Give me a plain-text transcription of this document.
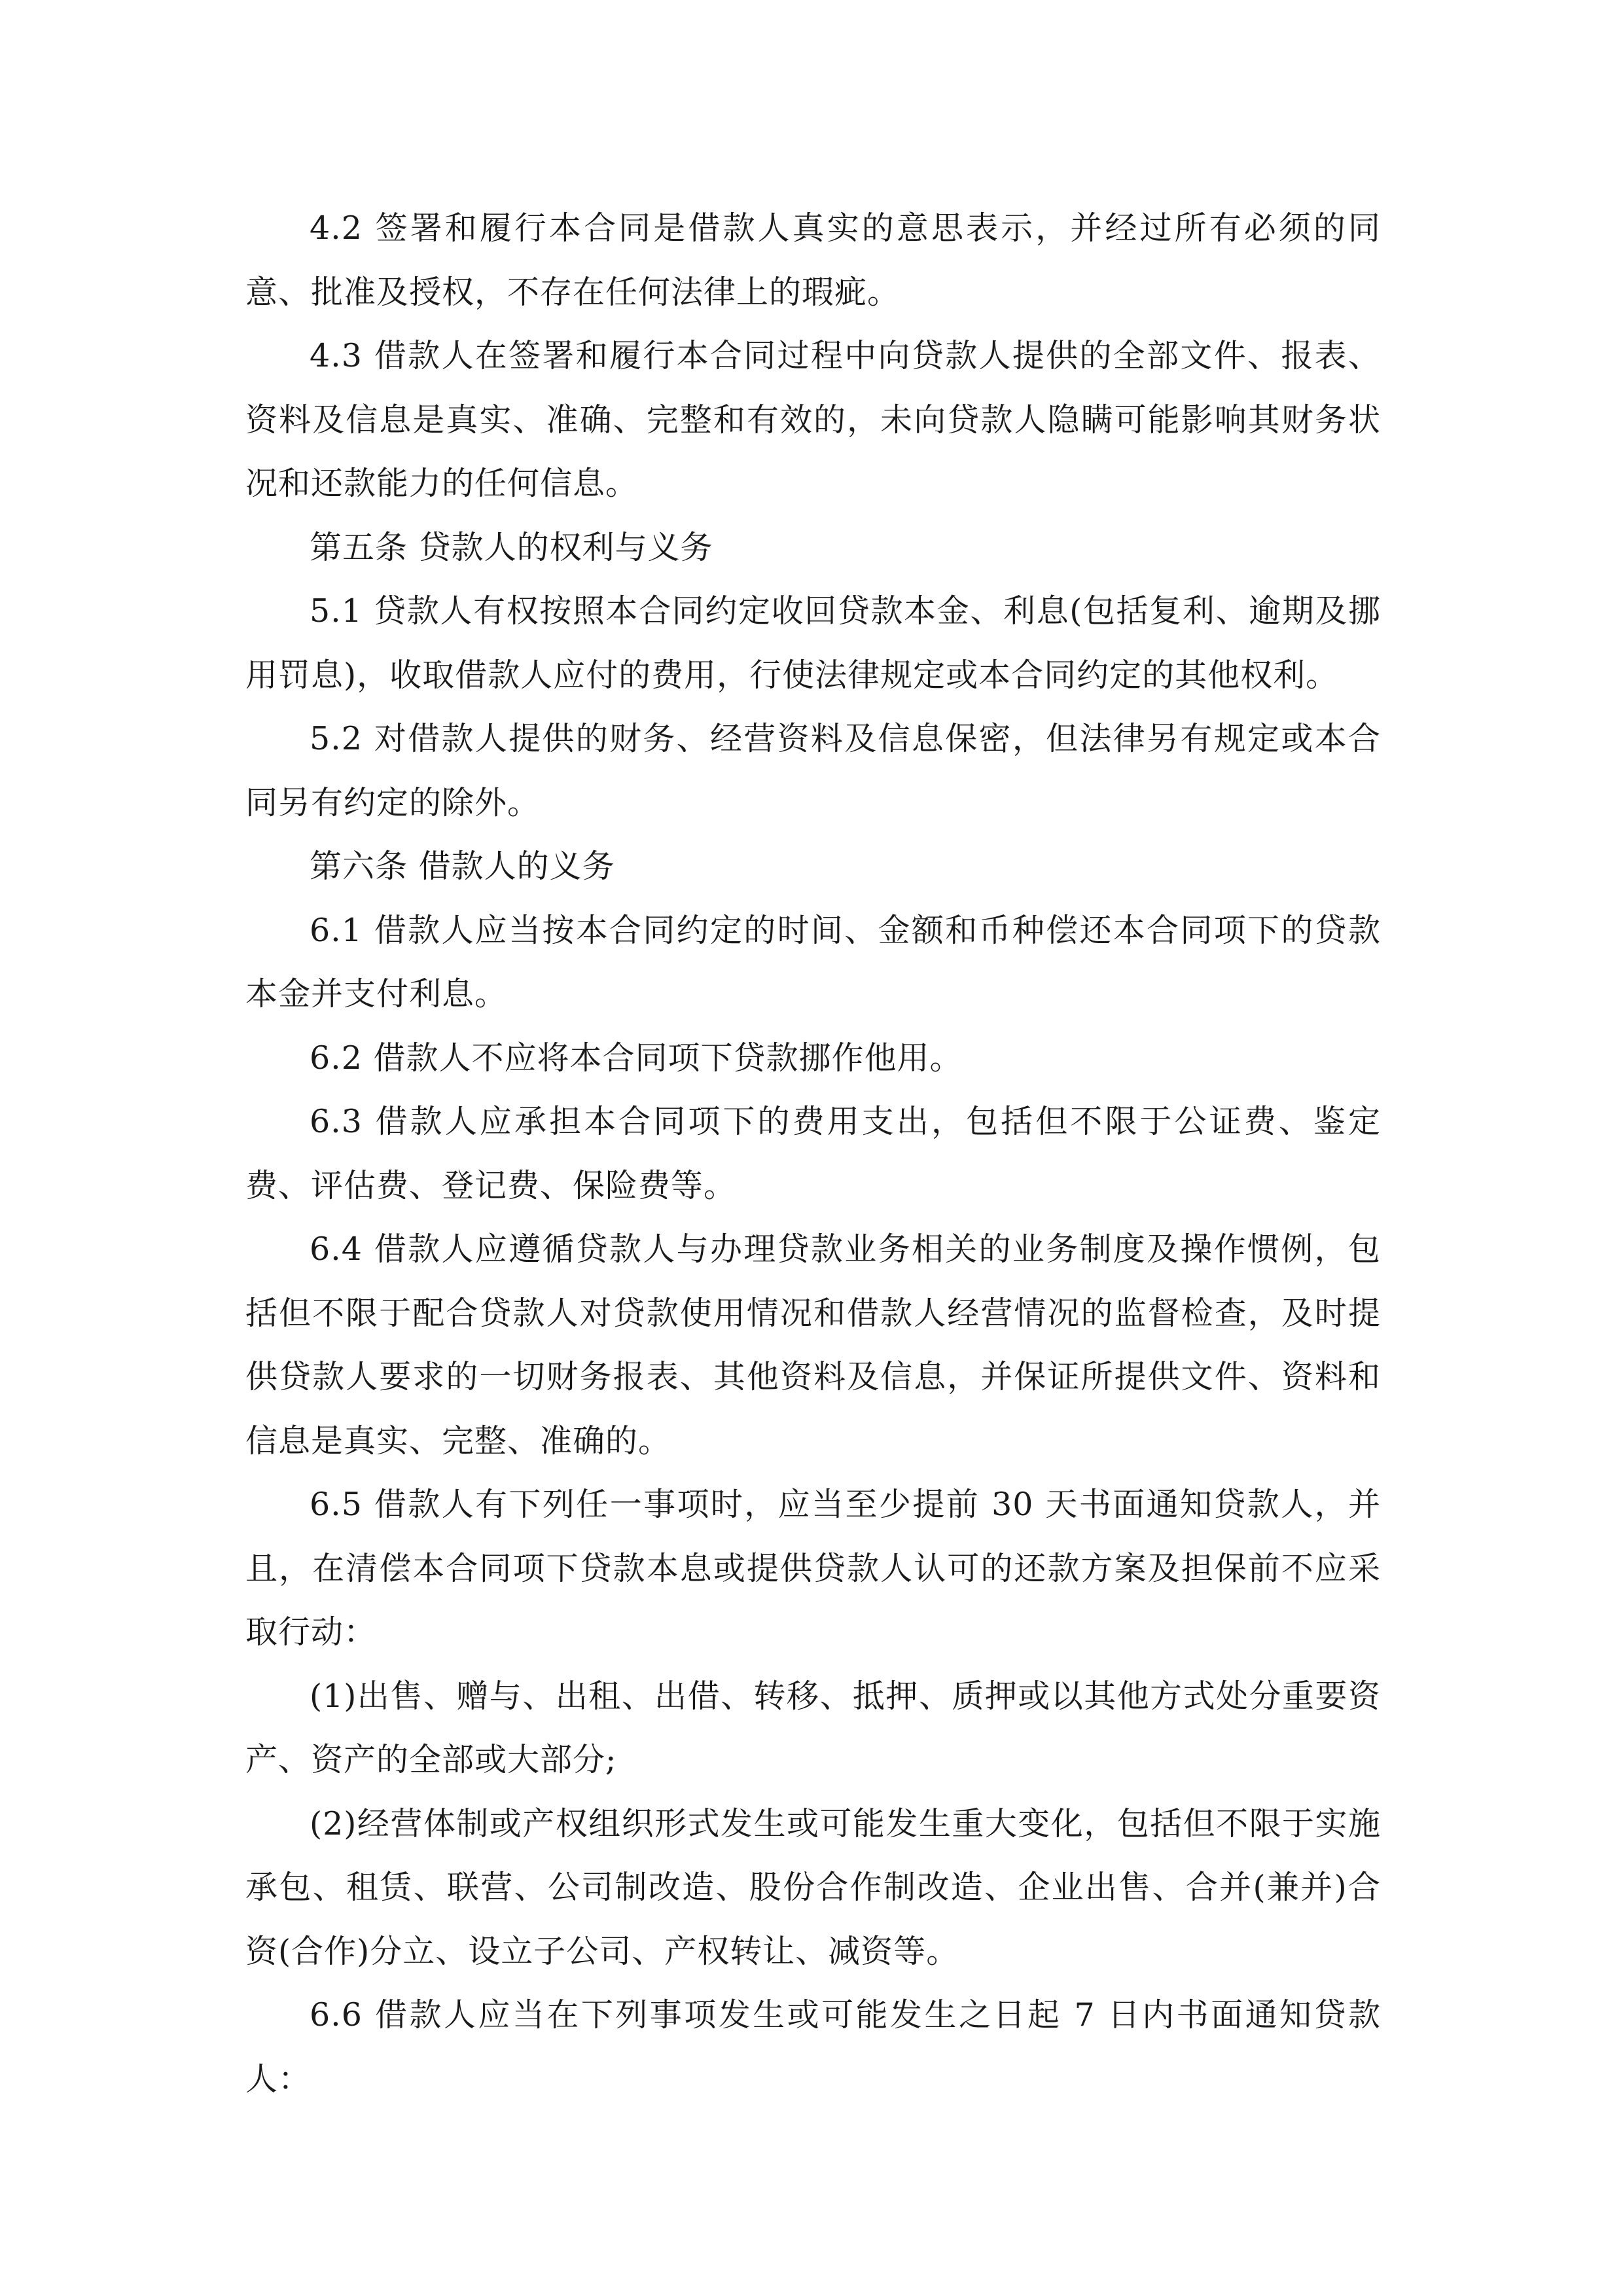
4.2 签署和履行本合同是借款人真实的意思表示，并经过所有必须的同意、批准及授权，不存在任何法律上的瑕疵。

4.3 借款人在签署和履行本合同过程中向贷款人提供的全部文件、报表、资料及信息是真实、准确、完整和有效的，未向贷款人隐瞒可能影响其财务状况和还款能力的任何信息。

第五条 贷款人的权利与义务

5.1 贷款人有权按照本合同约定收回贷款本金、利息(包括复利、逾期及挪用罚息)，收取借款人应付的费用，行使法律规定或本合同约定的其他权利。

5.2 对借款人提供的财务、经营资料及信息保密，但法律另有规定或本合同另有约定的除外。

第六条 借款人的义务

6.1 借款人应当按本合同约定的时间、金额和币种偿还本合同项下的贷款本金并支付利息。

6.2 借款人不应将本合同项下贷款挪作他用。

6.3 借款人应承担本合同项下的费用支出，包括但不限于公证费、鉴定费、评估费、登记费、保险费等。

6.4 借款人应遵循贷款人与办理贷款业务相关的业务制度及操作惯例，包括但不限于配合贷款人对贷款使用情况和借款人经营情况的监督检查，及时提供贷款人要求的一切财务报表、其他资料及信息，并保证所提供文件、资料和信息是真实、完整、准确的。

6.5 借款人有下列任一事项时，应当至少提前 30 天书面通知贷款人，并且，在清偿本合同项下贷款本息或提供贷款人认可的还款方案及担保前不应采取行动：

(1)出售、赠与、出租、出借、转移、抵押、质押或以其他方式处分重要资产、资产的全部或大部分;

(2)经营体制或产权组织形式发生或可能发生重大变化，包括但不限于实施承包、租赁、联营、公司制改造、股份合作制改造、企业出售、合并(兼并)合资(合作)分立、设立子公司、产权转让、减资等。

6.6 借款人应当在下列事项发生或可能发生之日起 7 日内书面通知贷款人：
